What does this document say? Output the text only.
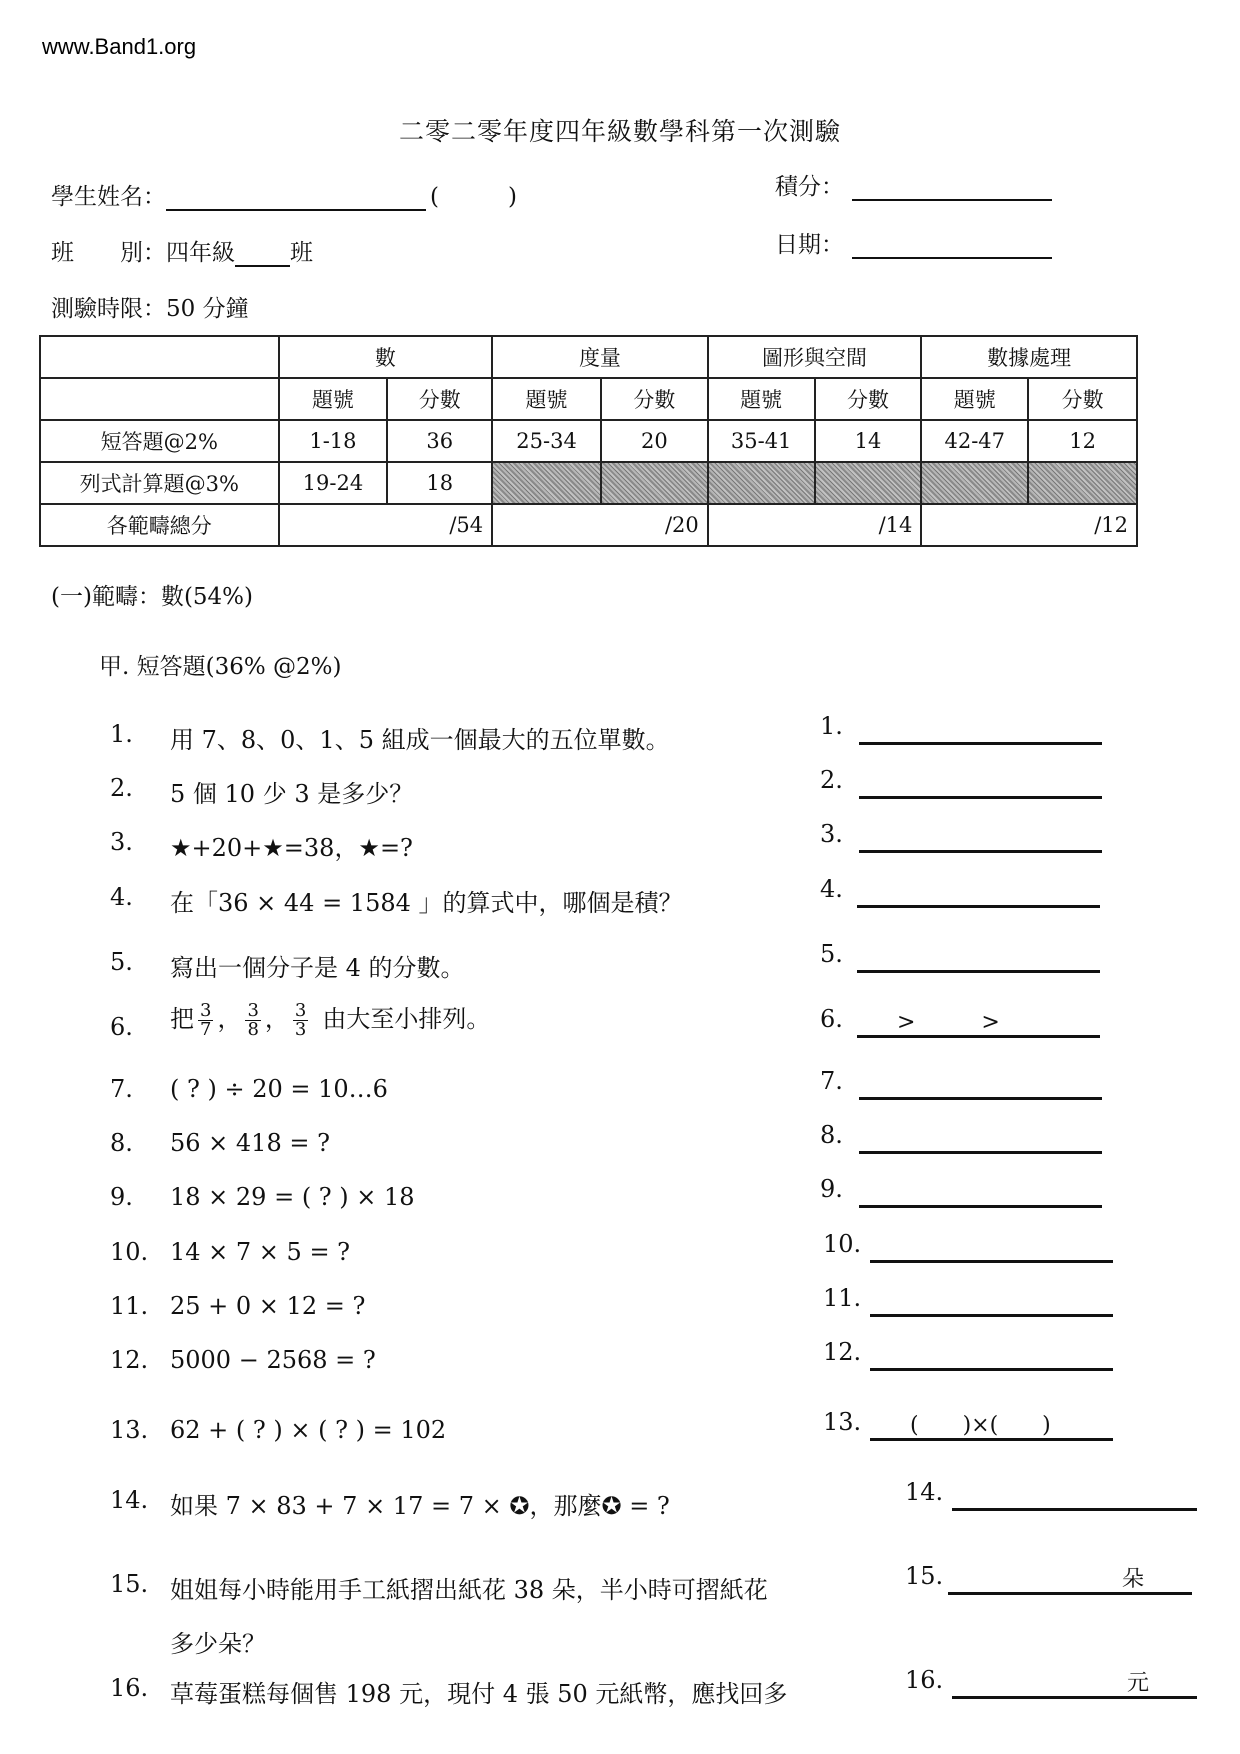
www.Band1.org
二零二零年度四年級數學科第一次測驗
學生姓名：	(　　　)	積分：
班　　別：四年級 班	日期：
測驗時限：50 分鐘
	數		度量		圖形與空間		數據處理	
	題號	分數	題號	分數	題號	分數	題號	分數
短答題@2%	1-18	36	25-34	20	35-41	14	42-47	12
列式計算題@3%	19-24	18						
各範疇總分	/54		/20		/14		/12	
(一)範疇：數(54%)
甲. 短答題(36% @2%)
1. 用 7、8、0、1、5 組成一個最大的五位單數。	1.
2. 5 個 10 少 3 是多少？	2.
3. ★+20+★=38，★=?	3.
4. 在「36 × 44 = 1584 」的算式中，哪個是積？	4.
5. 寫出一個分子是 4 的分數。	5.
6. 把 $\frac{3}{7}$ ， $\frac{3}{8}$ ， $\frac{3}{3}$ 由大至小排列。	6. >　　　>
7. ( ? ) ÷ 20 = 10…6	7.
8. 56 × 418 = ?	8.
9. 18 × 29 = ( ? ) × 18	9.
10. 14 × 7 × 5 = ?	10.
11. 25 + 0 × 12 = ?	11.
12. 5000 − 2568 = ?	12.
13. 62 + ( ? ) × ( ? ) = 102	13. (　　)×(　　)
14. 如果 7 × 83 + 7 × 17 = 7 × ✪，那麼✪ = ?	14.
15. 姐姐每小時能用手工紙摺出紙花 38 朵，半小時可摺紙花
多少朵？
15.	朵
16. 草莓蛋糕每個售 198 元，現付 4 張 50 元紙幣，應找回多	16.	元
